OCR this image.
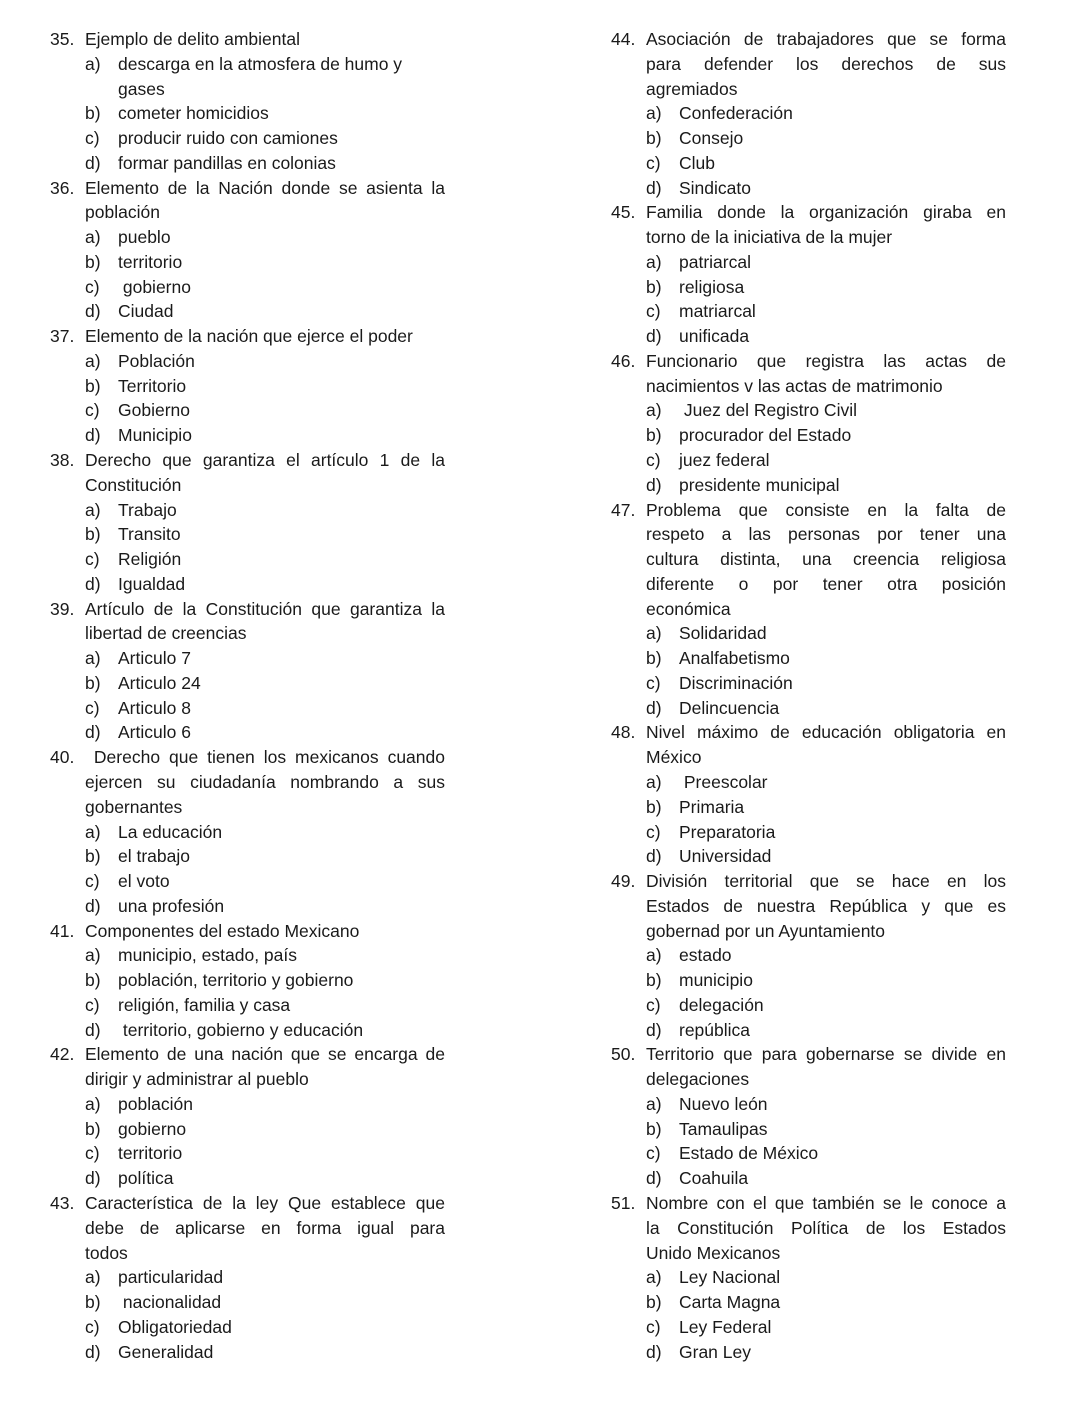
35. Ejemplo de delito ambiental
a) descarga en la atmosfera de humo y
gases
b) cometer homicidios
c) producir ruido con camiones
d) formar pandillas en colonias
36. Elemento de la Nación donde se asienta la
población
a) pueblo
b) territorio
c) gobierno
d) Ciudad
37. Elemento de la nación que ejerce el poder
a) Población
b) Territorio
c) Gobierno
d) Municipio
38. Derecho que garantiza el artículo 1 de la
Constitución
a) Trabajo
b) Transito
c) Religión
d) Igualdad
39. Artículo de la Constitución que garantiza la
libertad de creencias
a) Articulo 7
b) Articulo 24
c) Articulo 8
d) Articulo 6
40. Derecho que tienen los mexicanos cuando
ejercen su ciudadanía nombrando a sus
gobernantes
a) La educación
b) el trabajo
c) el voto
d) una profesión
41. Componentes del estado Mexicano
a) municipio, estado, país
b) población, territorio y gobierno
c) religión, familia y casa
d) territorio, gobierno y educación
42. Elemento de una nación que se encarga de
dirigir y administrar al pueblo
a) población
b) gobierno
c) territorio
d) política
43. Característica de la ley Que establece que
debe de aplicarse en forma igual para
todos
a) particularidad
b) nacionalidad
c) Obligatoriedad
d) Generalidad
44. Asociación de trabajadores que se forma
para defender los derechos de sus
agremiados
a) Confederación
b) Consejo
c) Club
d) Sindicato
45. Familia donde la organización giraba en
torno de la iniciativa de la mujer
a) patriarcal
b) religiosa
c) matriarcal
d) unificada
46. Funcionario que registra las actas de
nacimientos v las actas de matrimonio
a) Juez del Registro Civil
b) procurador del Estado
c) juez federal
d) presidente municipal
47. Problema que consiste en la falta de
respeto a las personas por tener una
cultura distinta, una creencia religiosa
diferente o por tener otra posición
económica
a) Solidaridad
b) Analfabetismo
c) Discriminación
d) Delincuencia
48. Nivel máximo de educación obligatoria en
México
a) Preescolar
b) Primaria
c) Preparatoria
d) Universidad
49. División territorial que se hace en los
Estados de nuestra República y que es
gobernad por un Ayuntamiento
a) estado
b) municipio
c) delegación
d) república
50. Territorio que para gobernarse se divide en
delegaciones
a) Nuevo león
b) Tamaulipas
c) Estado de México
d) Coahuila
51. Nombre con el que también se le conoce a
la Constitución Política de los Estados
Unido Mexicanos
a) Ley Nacional
b) Carta Magna
c) Ley Federal
d) Gran Ley
